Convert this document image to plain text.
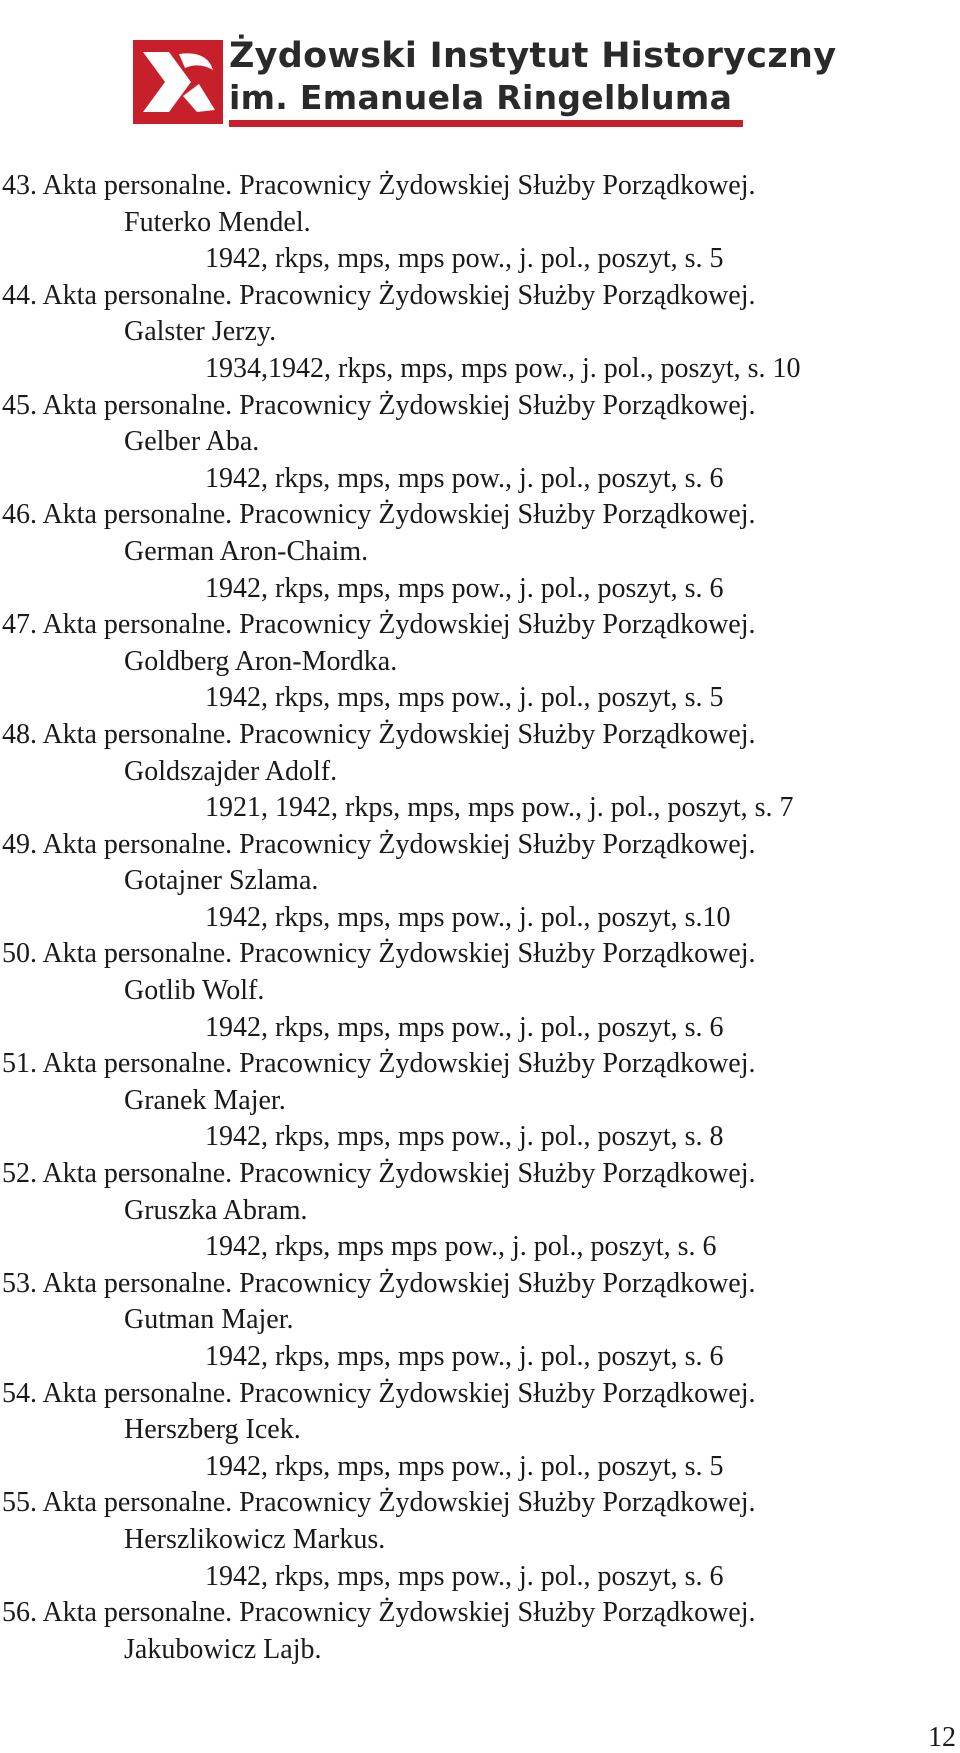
Żydowski Instytut Historyczny
im. Emanuela Ringelbluma
43. Akta personalne. Pracownicy Żydowskiej Służby Porządkowej.
Futerko Mendel.
1942, rkps, mps, mps pow., j. pol., poszyt, s. 5
44. Akta personalne. Pracownicy Żydowskiej Służby Porządkowej.
Galster Jerzy.
1934,1942, rkps, mps, mps pow., j. pol., poszyt, s. 10
45. Akta personalne. Pracownicy Żydowskiej Służby Porządkowej.
Gelber Aba.
1942, rkps, mps, mps pow., j. pol., poszyt, s. 6
46. Akta personalne. Pracownicy Żydowskiej Służby Porządkowej.
German Aron-Chaim.
1942, rkps, mps, mps pow., j. pol., poszyt, s. 6
47. Akta personalne. Pracownicy Żydowskiej Służby Porządkowej.
Goldberg Aron-Mordka.
1942, rkps, mps, mps pow., j. pol., poszyt, s. 5
48. Akta personalne. Pracownicy Żydowskiej Służby Porządkowej.
Goldszajder Adolf.
1921, 1942, rkps, mps, mps pow., j. pol., poszyt, s. 7
49. Akta personalne. Pracownicy Żydowskiej Służby Porządkowej.
Gotajner Szlama.
1942, rkps, mps, mps pow., j. pol., poszyt, s.10
50. Akta personalne. Pracownicy Żydowskiej Służby Porządkowej.
Gotlib Wolf.
1942, rkps, mps, mps pow., j. pol., poszyt, s. 6
51. Akta personalne. Pracownicy Żydowskiej Służby Porządkowej.
Granek Majer.
1942, rkps, mps, mps pow., j. pol., poszyt, s. 8
52. Akta personalne. Pracownicy Żydowskiej Służby Porządkowej.
Gruszka Abram.
1942, rkps, mps mps pow., j. pol., poszyt, s. 6
53. Akta personalne. Pracownicy Żydowskiej Służby Porządkowej.
Gutman Majer.
1942, rkps, mps, mps pow., j. pol., poszyt, s. 6
54. Akta personalne. Pracownicy Żydowskiej Służby Porządkowej.
Herszberg Icek.
1942, rkps, mps, mps pow., j. pol., poszyt, s. 5
55. Akta personalne. Pracownicy Żydowskiej Służby Porządkowej.
Herszlikowicz Markus.
1942, rkps, mps, mps pow., j. pol., poszyt, s. 6
56. Akta personalne. Pracownicy Żydowskiej Służby Porządkowej.
Jakubowicz Lajb.
12
